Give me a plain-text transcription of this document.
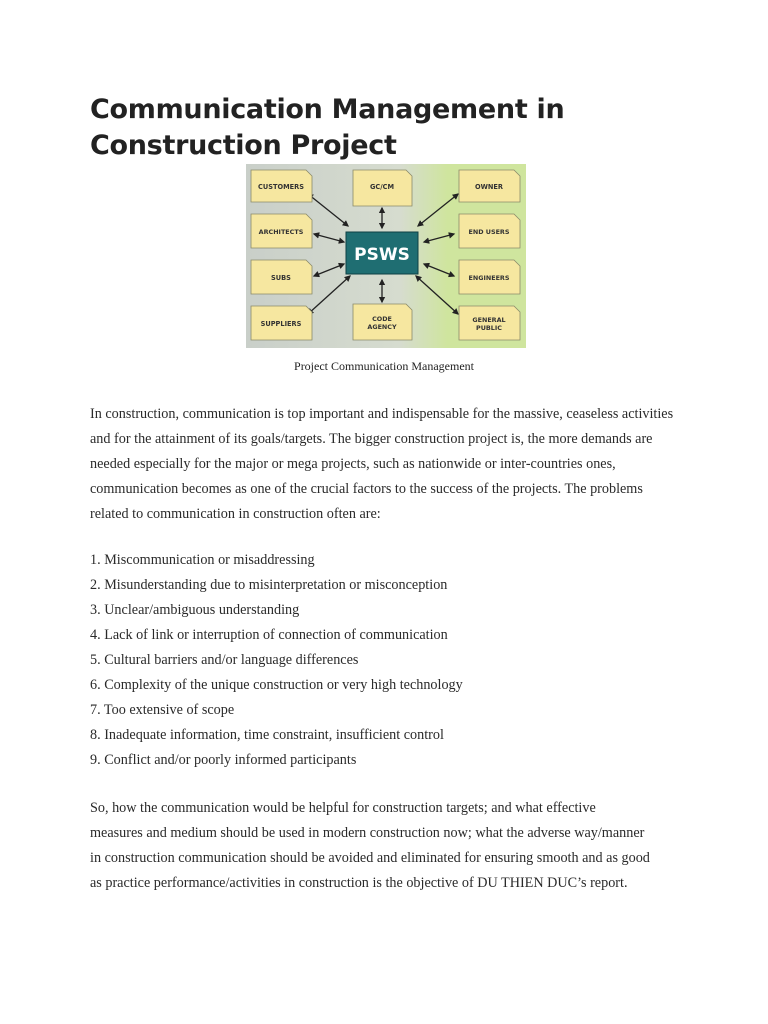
Communication Management in Construction Project
CUSTOMERS	GC/CM	OWNER
ARCHITECTS	END USERS
SUBS	ENGINEERS
SUPPLIERS
CODE
AGENCY
GENERAL
PUBLIC
PSWS
Project Communication Management

In construction, communication is top important and indispensable for the massive, ceaseless activities and for the attainment of its goals/targets. The bigger construction project is, the more demands are needed especially for the major or mega projects, such as nationwide or inter-countries ones, communication becomes as one of the crucial factors to the success of the projects. The problems related to communication in construction often are:

1. Miscommunication or misaddressing
2. Misunderstanding due to misinterpretation or misconception
3. Unclear/ambiguous understanding
4. Lack of link or interruption of connection of communication
5. Cultural barriers and/or language differences
6. Complexity of the unique construction or very high technology
7. Too extensive of scope
8. Inadequate information, time constraint, insufficient control
9. Conflict and/or poorly informed participants

So, how the communication would be helpful for construction targets; and what effective measures and medium should be used in modern construction now; what the adverse way/manner in construction communication should be avoided and eliminated for ensuring smooth and as good as practice performance/activities in construction is the objective of DU THIEN DUC’s report.
